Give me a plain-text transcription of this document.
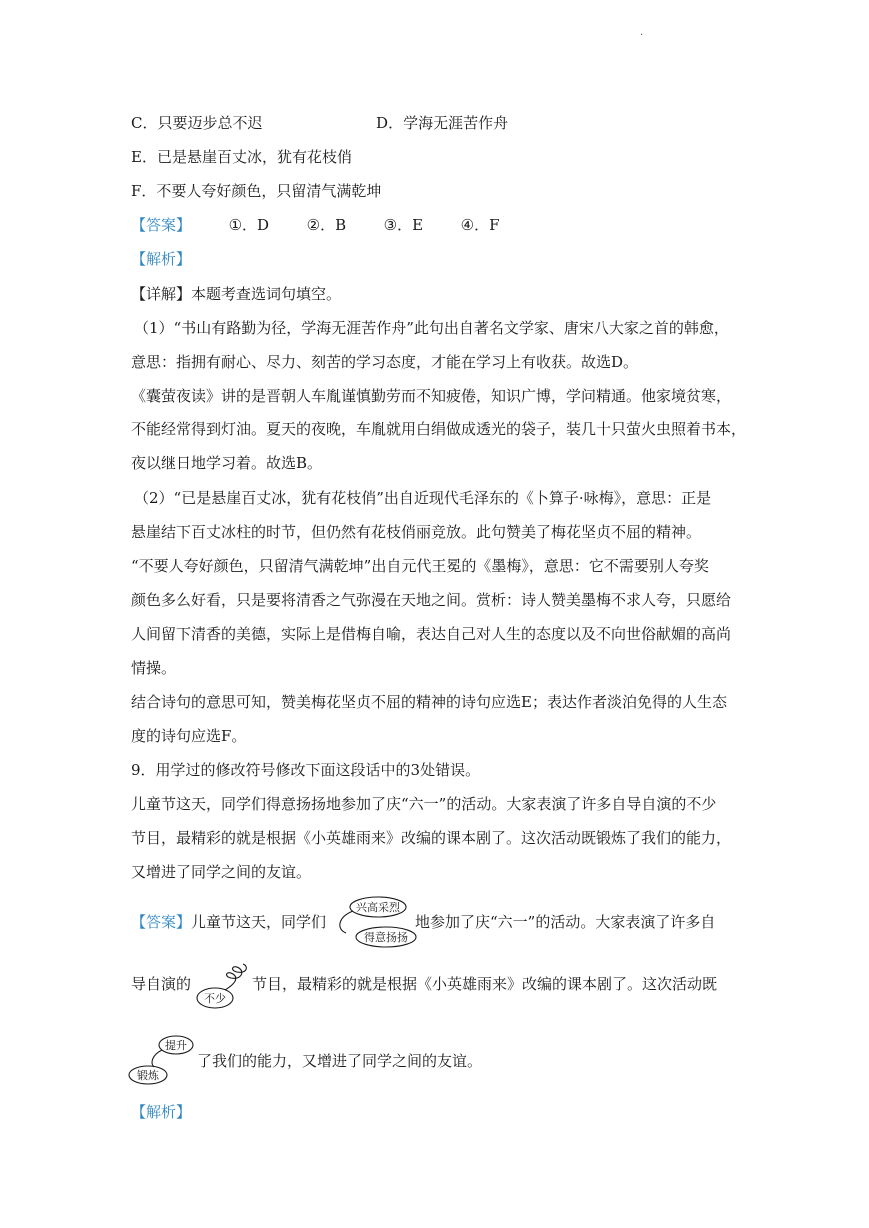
·
C．只要迈步总不迟	D．学海无涯苦作舟
E．已是悬崖百丈冰，犹有花枝俏
F．不要人夸好颜色，只留清气满乾坤
【答案】	①．D	②．B	③．E	④．F
【解析】
【详解】本题考查选词句填空。
（1）“书山有路勤为径，学海无涯苦作舟”此句出自著名文学家、唐宋八大家之首的韩愈，
意思：指拥有耐心、尽力、刻苦的学习态度，才能在学习上有收获。故选D。
《囊萤夜读》讲的是晋朝人车胤谨慎勤劳而不知疲倦，知识广博，学问精通。他家境贫寒，
不能经常得到灯油。夏天的夜晚，车胤就用白绢做成透光的袋子，装几十只萤火虫照着书本，
夜以继日地学习着。故选B。
（2）“已是悬崖百丈冰，犹有花枝俏”出自近现代毛泽东的《卜算子·咏梅》，意思：正是
悬崖结下百丈冰柱的时节，但仍然有花枝俏丽竞放。此句赞美了梅花坚贞不屈的精神。
“不要人夸好颜色，只留清气满乾坤”出自元代王冕的《墨梅》，意思：它不需要别人夸奖
颜色多么好看，只是要将清香之气弥漫在天地之间。赏析：诗人赞美墨梅不求人夸，只愿给
人间留下清香的美德，实际上是借梅自喻，表达自己对人生的态度以及不向世俗献媚的高尚
情操。
结合诗句的意思可知，赞美梅花坚贞不屈的精神的诗句应选E；表达作者淡泊免得的人生态
度的诗句应选F。
9．用学过的修改符号修改下面这段话中的3处错误。
儿童节这天，同学们得意扬扬地参加了庆“六一”的活动。大家表演了许多自导自演的不少
节目，最精彩的就是根据《小英雄雨来》改编的课本剧了。这次活动既锻炼了我们的能力，
又增进了同学之间的友谊。
【答案】儿童节这天，同学们	地参加了庆“六一”的活动。大家表演了许多自
兴高采烈
得意扬扬
导自演的	节目，最精彩的就是根据《小英雄雨来》改编的课本剧了。这次活动既
不少
了我们的能力，又增进了同学之间的友谊。
提升
锻炼
【解析】
